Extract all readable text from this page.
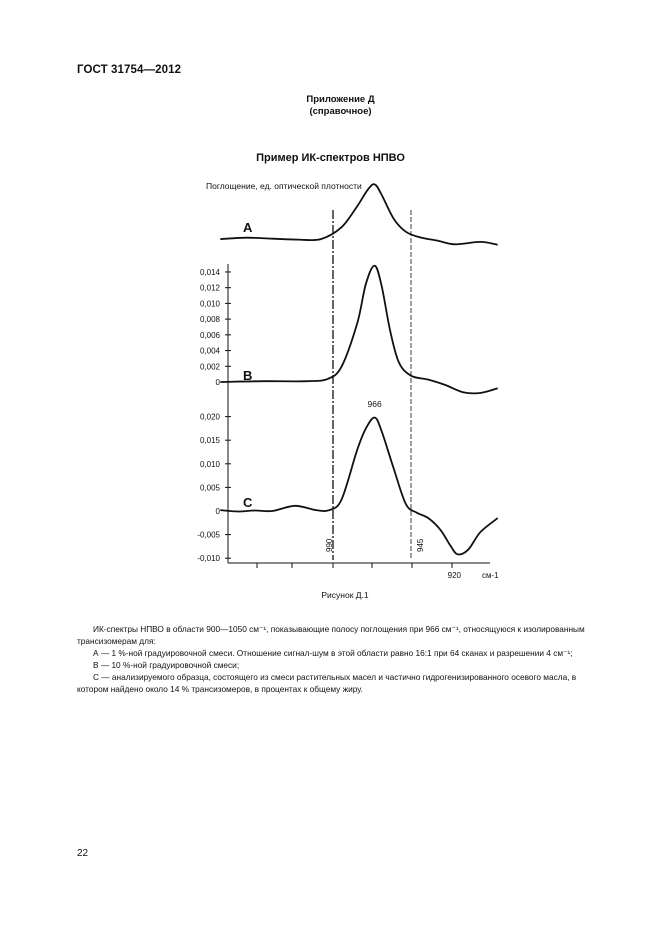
ГОСТ 31754—2012
Приложение Д
(справочное)
Пример ИК-спектров НПВО
Поглощение, ед. оптической плотности
0,014
0,012
0,010
0,008
0,006
0,004
0,002
0
0,020
0,015
0,010
0,005
0
-0,005
-0,010
A
B
C
966
990	945
920	см-1
Рисунок Д.1

ИК-спектры НПВО в области 900—1050 см⁻¹, показывающие полосу поглощения при 966 см⁻¹, относящуюся к изолированным трансизомерам для:

А — 1 %-ной градуировочной смеси. Отношение сигнал-шум в этой области равно 16:1 при 64 сканах и разрешении 4 см⁻¹;

В — 10 %-ной градуировочной смеси;

С — анализируемого образца, состоящего из смеси растительных масел и частично гидрогенизированного осевого масла, в котором найдено около 14 % трансизомеров, в процентах к общему жиру.

22
